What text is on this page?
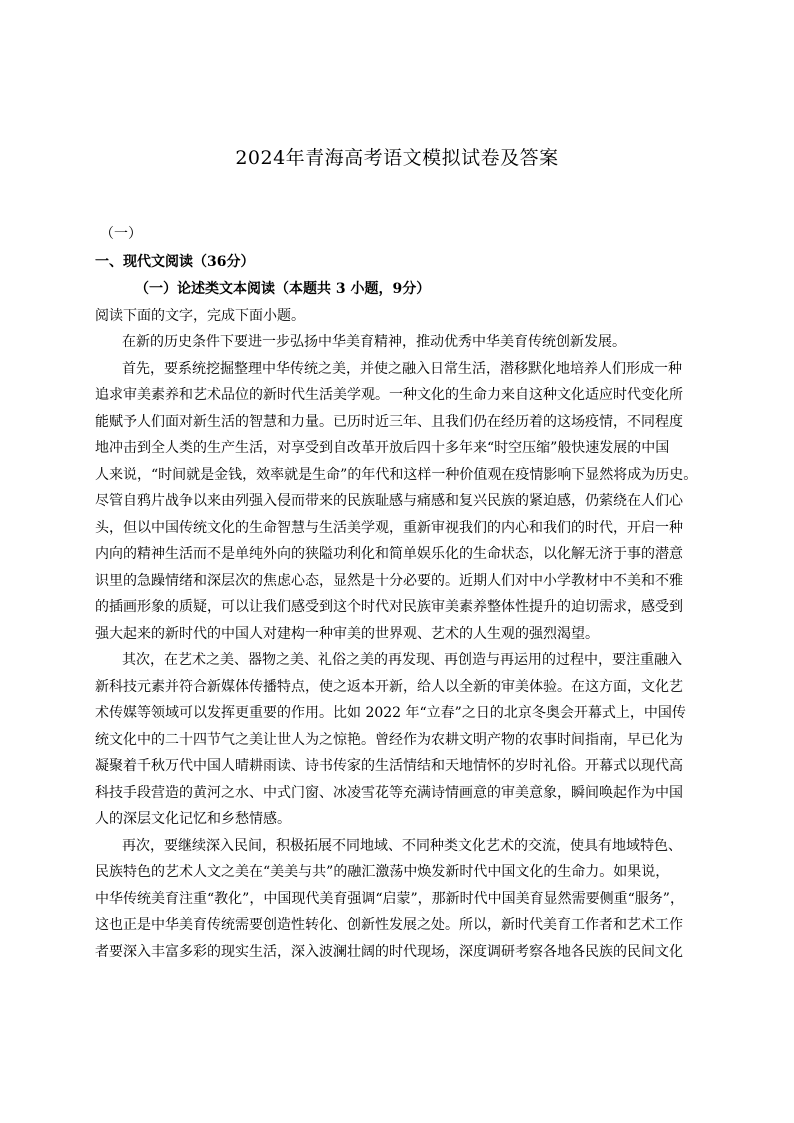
2024年青海高考语文模拟试卷及答案
（一）
一、现代文阅读（36分）
（一）论述类文本阅读（本题共 3 小题，9分）
阅读下面的文字，完成下面小题。
在新的历史条件下要进一步弘扬中华美育精神，推动优秀中华美育传统创新发展。
首先，要系统挖掘整理中华传统之美，并使之融入日常生活，潜移默化地培养人们形成一种
追求审美素养和艺术品位的新时代生活美学观。一种文化的生命力来自这种文化适应时代变化所
能赋予人们面对新生活的智慧和力量。已历时近三年、且我们仍在经历着的这场疫情，不同程度
地冲击到全人类的生产生活，对享受到自改革开放后四十多年来“时空压缩”般快速发展的中国
人来说，“时间就是金钱，效率就是生命”的年代和这样一种价值观在疫情影响下显然将成为历史。
尽管自鸦片战争以来由列强入侵而带来的民族耻感与痛感和复兴民族的紧迫感，仍萦绕在人们心
头，但以中国传统文化的生命智慧与生活美学观，重新审视我们的内心和我们的时代，开启一种
内向的精神生活而不是单纯外向的狭隘功利化和简单娱乐化的生命状态，以化解无济于事的潜意
识里的急躁情绪和深层次的焦虑心态，显然是十分必要的。近期人们对中小学教材中不美和不雅
的插画形象的质疑，可以让我们感受到这个时代对民族审美素养整体性提升的迫切需求，感受到
强大起来的新时代的中国人对建构一种审美的世界观、艺术的人生观的强烈渴望。
其次，在艺术之美、器物之美、礼俗之美的再发现、再创造与再运用的过程中，要注重融入
新科技元素并符合新媒体传播特点，使之返本开新，给人以全新的审美体验。在这方面，文化艺
术传媒等领域可以发挥更重要的作用。比如 2022 年“立春”之日的北京冬奥会开幕式上，中国传
统文化中的二十四节气之美让世人为之惊艳。曾经作为农耕文明产物的农事时间指南，早已化为
凝聚着千秋万代中国人晴耕雨读、诗书传家的生活情结和天地情怀的岁时礼俗。开幕式以现代高
科技手段营造的黄河之水、中式门窗、冰凌雪花等充满诗情画意的审美意象，瞬间唤起作为中国
人的深层文化记忆和乡愁情感。
再次，要继续深入民间，积极拓展不同地域、不同种类文化艺术的交流，使具有地域特色、
民族特色的艺术人文之美在“美美与共”的融汇激荡中焕发新时代中国文化的生命力。如果说，
中华传统美育注重“教化”，中国现代美育强调“启蒙”，那新时代中国美育显然需要侧重“服务”，
这也正是中华美育传统需要创造性转化、创新性发展之处。所以，新时代美育工作者和艺术工作
者要深入丰富多彩的现实生活，深入波澜壮阔的时代现场，深度调研考察各地各民族的民间文化
